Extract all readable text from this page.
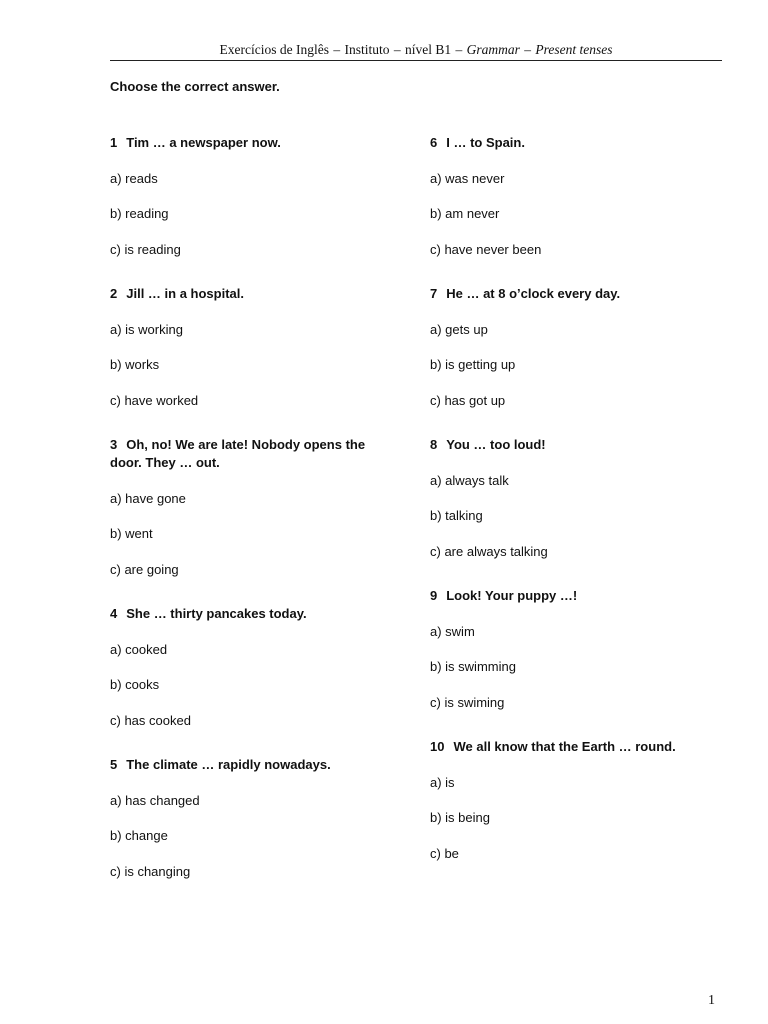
Exercícios de Inglês – Instituto – nível B1 – Grammar – Present tenses
Choose the correct answer.
1 Tim … a newspaper now.
a) reads
b) reading
c) is reading
2 Jill … in a hospital.
a) is working
b) works
c) have worked
3 Oh, no! We are late! Nobody opens the door. They … out.
a) have gone
b) went
c) are going
4 She … thirty pancakes today.
a) cooked
b) cooks
c) has cooked
5 The climate … rapidly nowadays.
a) has changed
b) change
c) is changing
6 I … to Spain.
a) was never
b) am never
c) have never been
7 He … at 8 o’clock every day.
a) gets up
b) is getting up
c) has got up
8 You … too loud!
a) always talk
b) talking
c) are always talking
9 Look! Your puppy …!
a) swim
b) is swimming
c) is swiming
10 We all know that the Earth … round.
a) is
b) is being
c) be
1
